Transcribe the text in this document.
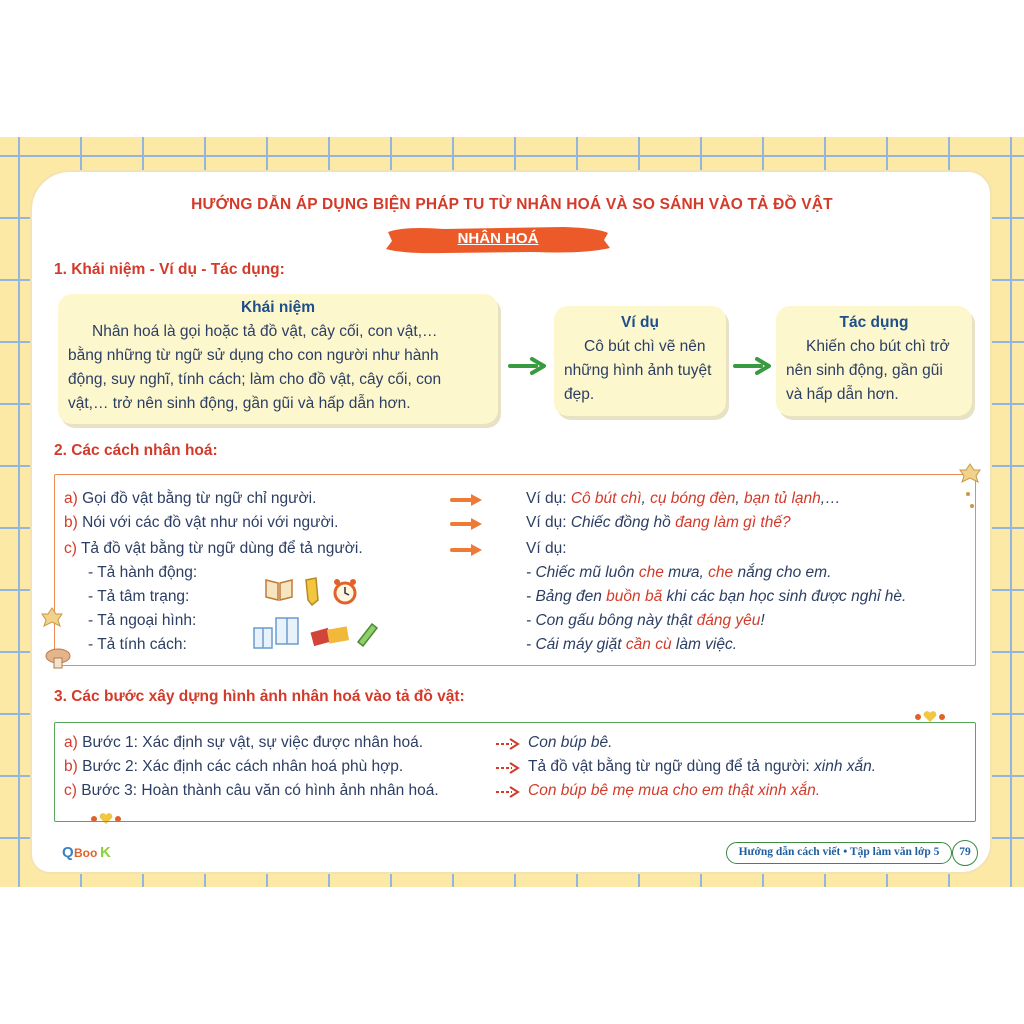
HƯỚNG DẪN ÁP DỤNG BIỆN PHÁP TU TỪ NHÂN HOÁ VÀ SO SÁNH VÀO TẢ ĐỒ VẬT
NHÂN HOÁ
1. Khái niệm - Ví dụ - Tác dụng:
Khái niệm

Nhân hoá là gọi hoặc tả đồ vật, cây cối, con vật,…

bằng những từ ngữ sử dụng cho con người như hành

động, suy nghĩ, tính cách; làm cho đồ vật, cây cối, con

vật,… trở nên sinh động, gần gũi và hấp dẫn hơn.

Ví dụ

Cô bút chì vẽ nên

những hình ảnh tuyệt

đẹp.

Tác dụng

Khiến cho bút chì trở

nên sinh động, gần gũi

và hấp dẫn hơn.

2. Các cách nhân hoá:
a) Gọi đồ vật bằng từ ngữ chỉ người.
b) Nói với các đồ vật như nói với người.
c) Tả đồ vật bằng từ ngữ dùng để tả người.
- Tả hành động:
- Tả tâm trạng:
- Tả ngoại hình:
- Tả tính cách:
Ví dụ: Cô bút chì, cụ bóng đèn, bạn tủ lạnh,…
Ví dụ: Chiếc đồng hồ đang làm gì thế?
Ví dụ:
- Chiếc mũ luôn che mưa, che nắng cho em.
- Bảng đen buồn bã khi các bạn học sinh được nghỉ hè.
- Con gấu bông này thật đáng yêu!
- Cái máy giặt cần cù làm việc.
3. Các bước xây dựng hình ảnh nhân hoá vào tả đồ vật:
a) Bước 1: Xác định sự vật, sự việc được nhân hoá.
b) Bước 2: Xác định các cách nhân hoá phù hợp.
c) Bước 3: Hoàn thành câu văn có hình ảnh nhân hoá.
Con búp bê.
Tả đồ vật bằng từ ngữ dùng để tả người: xinh xắn.
Con búp bê mẹ mua cho em thật xinh xắn.
Q Boo K	Hướng dẫn cách viết • Tập làm văn lớp 5	79
